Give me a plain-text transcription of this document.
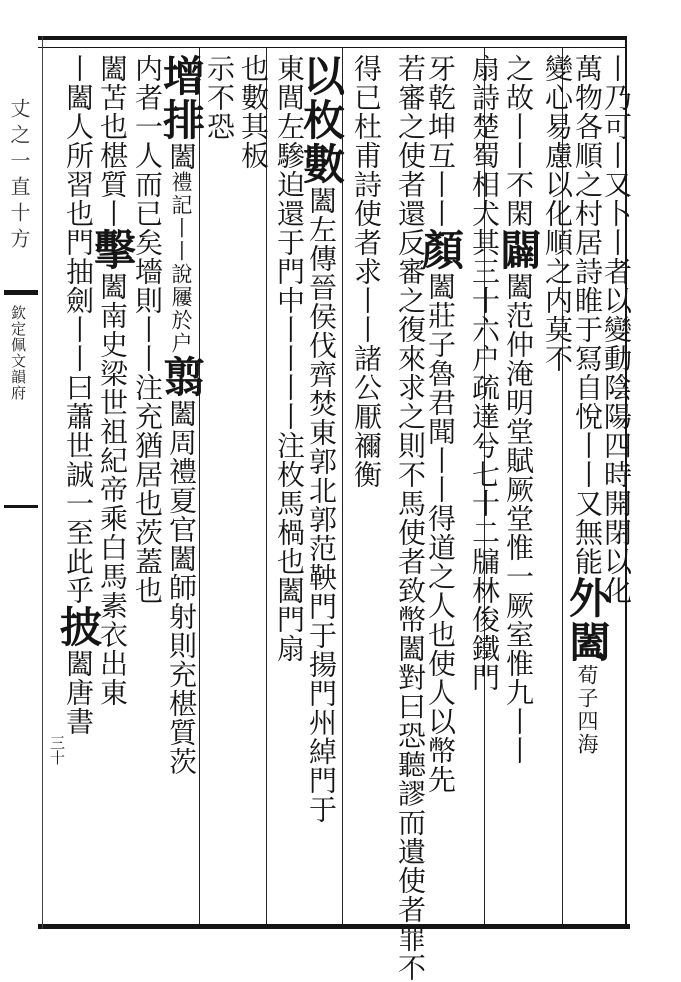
丈之一直十方
欽定佩文韻府
三十
丨乃可丨又卜丨者以變動陰陽四時開閉以化
萬物各順之村居詩睢于冩自悅丨丨又無能外闔荀子四海
變心易慮以化順之内莫不
之故丨丨不閑闢闔范仲淹明堂賦厥堂惟一厥室惟九丨丨
扇詩楚蜀相犬其三十六户疏達兮七十二牖林俊鐵門
牙乾坤互丨丨顏闔莊子魯君聞丨丨得道之人也使人以幣先
若審之使者還反審之復來求之則不馬使者致幣闔對曰恐聽謬而遺使者罪不
得已杜甫詩使者求丨丨諸公厭禰衡
以枚數闔左傳晉侯伐齊焚東郭北郭范鞅門于揚門州綽門于
東閭左驂迫還于門中丨丨丨丨注枚馬楇也闔門扇
也數其板
示不恐
增排闔禮記丨丨說屨於户翦闔周禮夏官闔師射則充椹質茨
内者一人而已矣墻則丨丨注充猶居也茨蓋也
闔苫也椹質丨擊闔南史梁世祖紀帝乘白馬素衣出東
丨闔人所習也門抽劍丨丨曰蕭世誠一至此乎披闔唐書
